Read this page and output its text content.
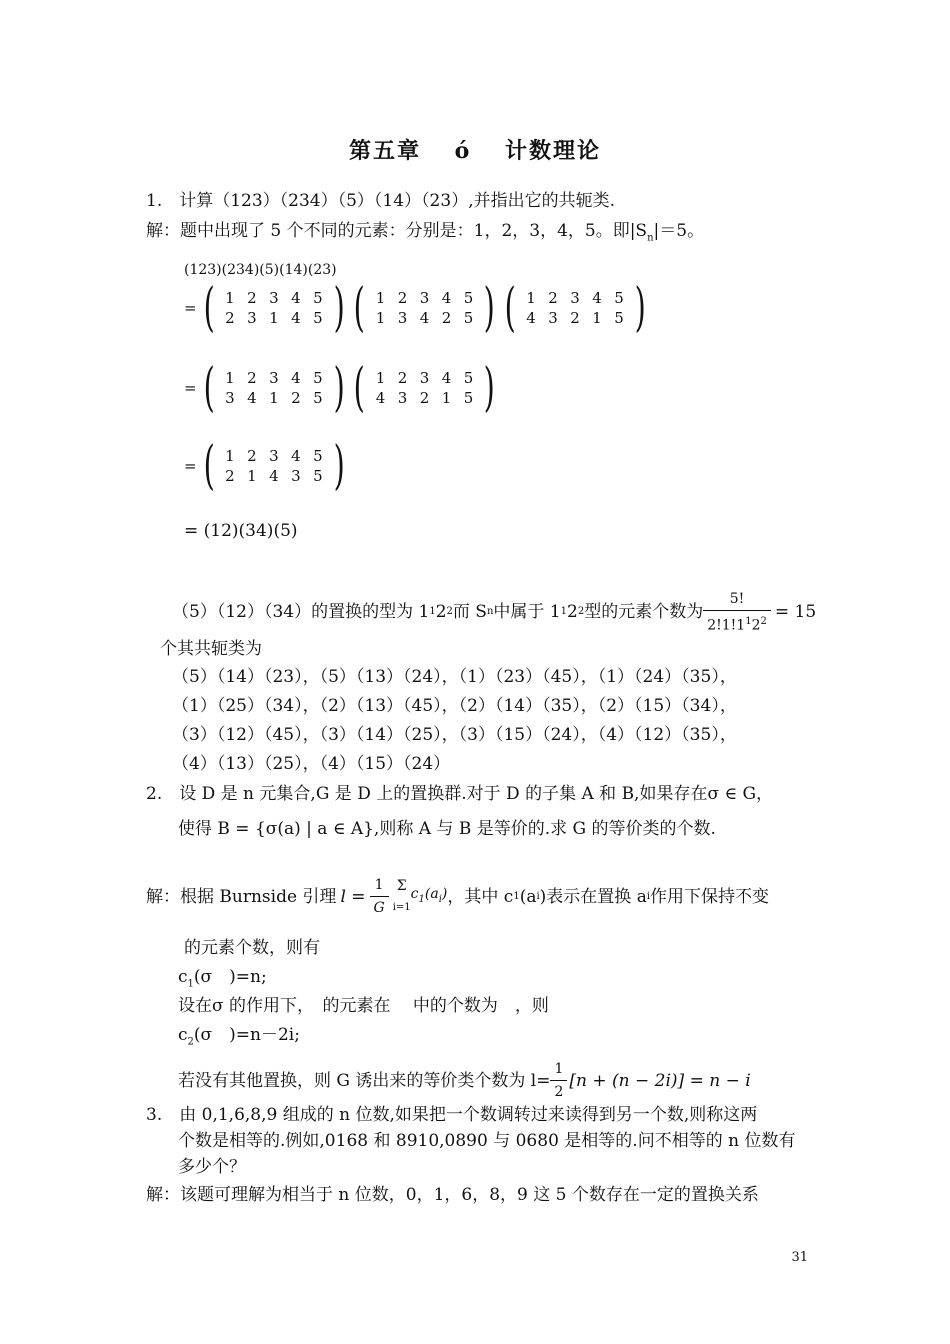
第五章　 ó　 计数理论
1.　计算（123）（234）（5）（14）（23）,并指出它的共轭类.
解：题中出现了 5 个不同的元素：分别是：1，2，3，4，5。即$|S_n|=5$。
(123)(234)(5)(14)(23)
= ( 1 2 3 4 5
2 3 1 4 5 ) ( 1 2 3 4 5
1 3 4 2 5 ) ( 1 2 3 4 5
4 3 2 1 5 )
= ( 1 2 3 4 5
3 4 1 2 5 ) ( 1 2 3 4 5
4 3 2 1 5 )
= ( 1 2 3 4 5
2 1 4 3 5 )
= (12)(34)(5)
（5）（12）（34）的置换的型为 1 1 2 2 而 S n 中属于 1 1 2 2 型的元素个数为 $\frac{5!}{2!1!1^12^2} = 15$
个其共轭类为
（5）（14）（23），（5）（13）（24），（1）（23）（45），（1）（24）（35），
（1）（25）（34），（2）（13）（45），（2）（14）（35），（2）（15）（34），
（3）（12）（45），（3）（14）（25），（3）（15）（24），（4）（12）（35），
（4）（13）（25），（4）（15）（24）
2.　设 D 是 n 元集合,G 是 D 上的置换群.对于 D 的子集 A 和 B,如果存在σ ∈ G，
使得 B = {σ(a) | a ∈ A},则称 A 与 B 是等价的.求 G 的等价类的个数.
解：根据 Burnside 引理 $l = \frac{1}{G}$ Σ
i=1
$c_1(a_i)$ ，其中 c 1 (a i )表示在置换 a i 作用下保持不变
的元素个数，则有
$c_1(\sigma$　)=n;
设在σ 的作用下，　的元素在　 中的个数为　，则
$c_2(\sigma$　)=n－2i;
若没有其他置换，则 G 诱出来的等价类个数为 $l= \frac{1}{2} [n + (n - 2i)] = n - i$
3.　由 0,1,6,8,9 组成的 n 位数,如果把一个数调转过来读得到另一个数,则称这两
个数是相等的.例如,0168 和 8910,0890 与 0680 是相等的.问不相等的 n 位数有
多少个？
解：该题可理解为相当于 n 位数，0，1，6，8，9 这 5 个数存在一定的置换关系
31
